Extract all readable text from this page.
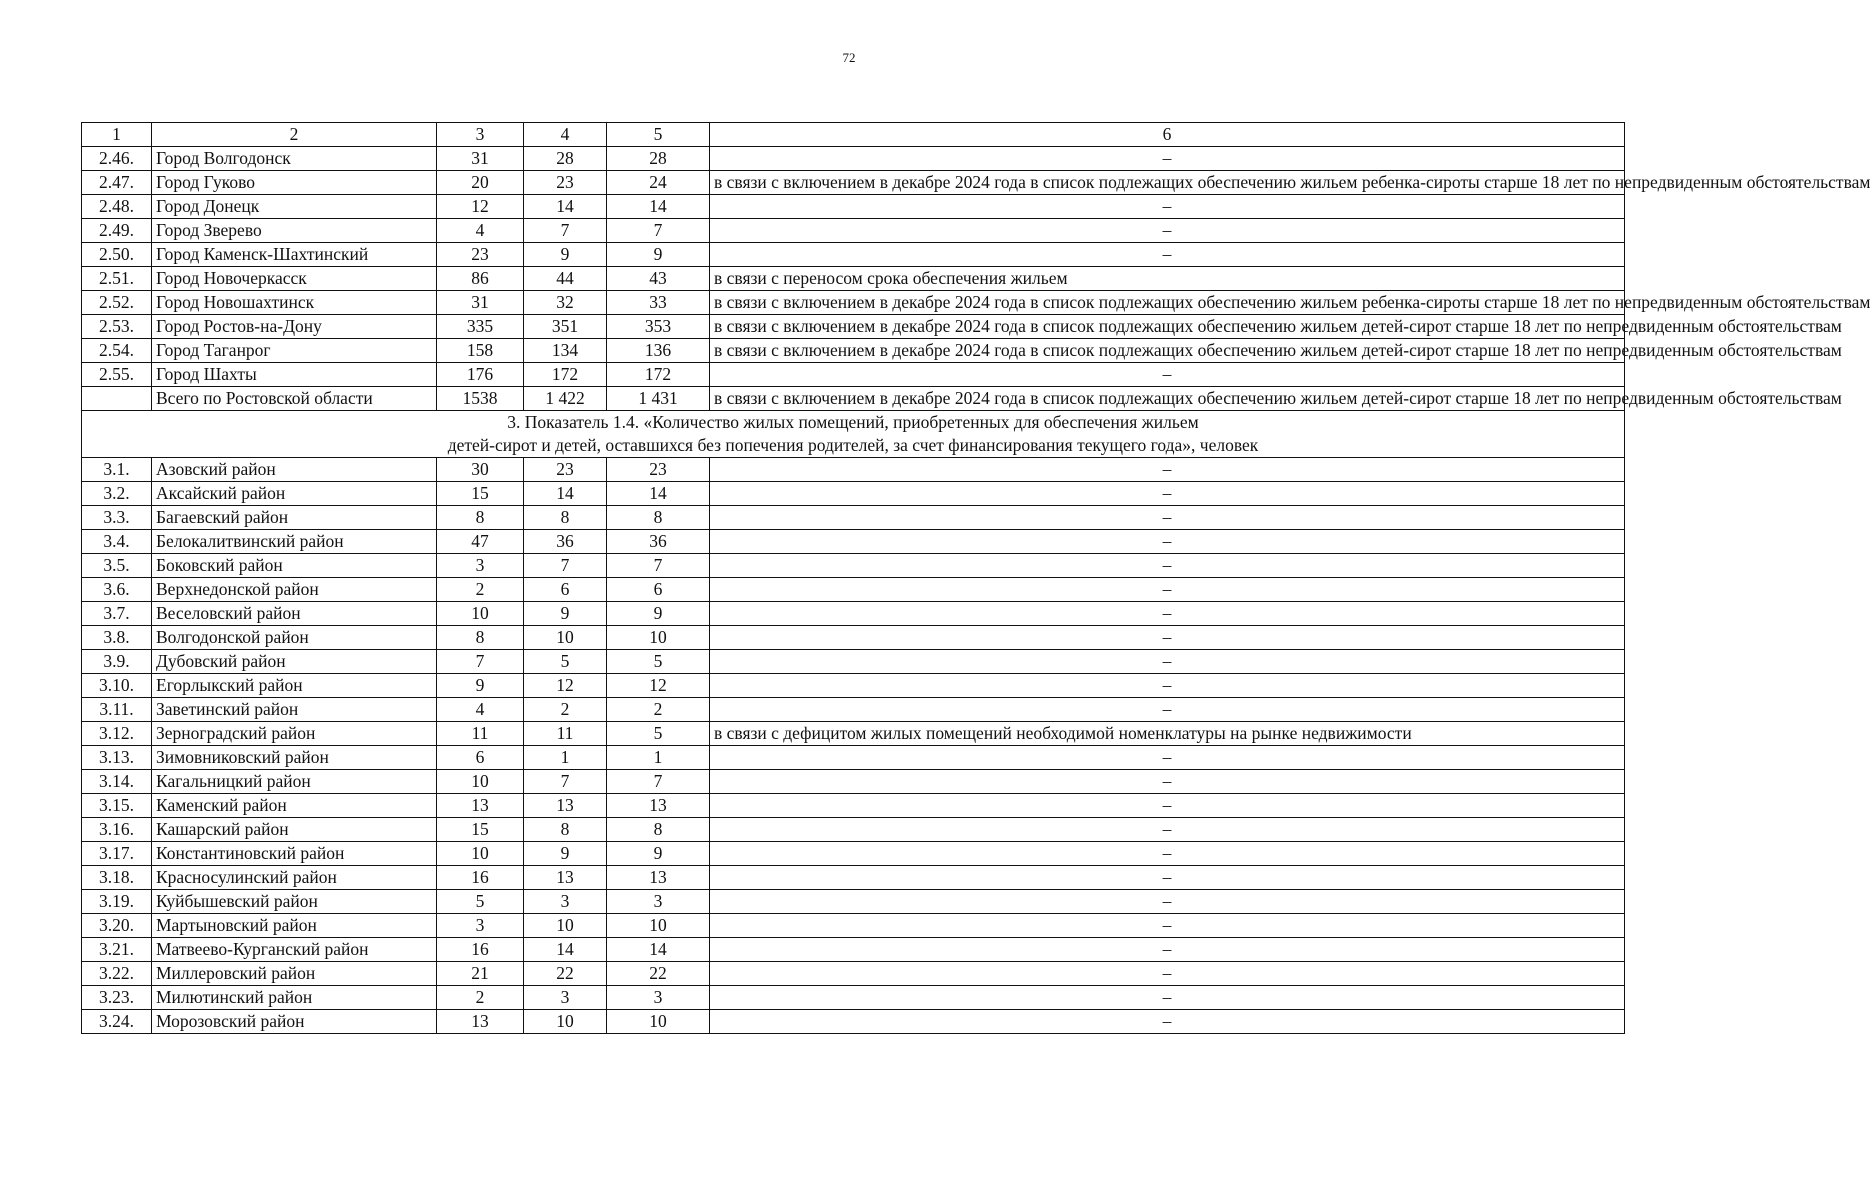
72
1	2	3	4	5	6
2.46.	Город Волгодонск	31	28	28	–
2.47.	Город Гуково	20	23	24	в связи с включением в декабре 2024 года в список подлежащих обеспечению жильем ребенка-сироты старше 18 лет по непредвиденным обстоятельствам
2.48.	Город Донецк	12	14	14	–
2.49.	Город Зверево	4	7	7	–
2.50.	Город Каменск-Шахтинский	23	9	9	–
2.51.	Город Новочеркасск	86	44	43	в связи с переносом срока обеспечения жильем
2.52.	Город Новошахтинск	31	32	33	в связи с включением в декабре 2024 года в список подлежащих обеспечению жильем ребенка-сироты старше 18 лет по непредвиденным обстоятельствам
2.53.	Город Ростов-на-Дону	335	351	353	в связи с включением в декабре 2024 года в список подлежащих обеспечению жильем детей-сирот старше 18 лет по непредвиденным обстоятельствам
2.54.	Город Таганрог	158	134	136	в связи с включением в декабре 2024 года в список подлежащих обеспечению жильем детей-сирот старше 18 лет по непредвиденным обстоятельствам
2.55.	Город Шахты	176	172	172	–
	Всего по Ростовской области	1538	1 422	1 431	в связи с включением в декабре 2024 года в список подлежащих обеспечению жильем детей-сирот старше 18 лет по непредвиденным обстоятельствам

3. Показатель 1.4. «Количество жилых помещений, приобретенных для обеспечения жильем
детей-сирот и детей, оставшихся без попечения родителей, за счет финансирования текущего года», человек					

3.1.	Азовский район	30	23	23	–
3.2.	Аксайский район	15	14	14	–
3.3.	Багаевский район	8	8	8	–
3.4.	Белокалитвинский район	47	36	36	–
3.5.	Боковский район	3	7	7	–
3.6.	Верхнедонской район	2	6	6	–
3.7.	Веселовский район	10	9	9	–
3.8.	Волгодонской район	8	10	10	–
3.9.	Дубовский район	7	5	5	–
3.10.	Егорлыкский район	9	12	12	–
3.11.	Заветинский район	4	2	2	–
3.12.	Зерноградский район	11	11	5	в связи с дефицитом жилых помещений необходимой номенклатуры на рынке недвижимости
3.13.	Зимовниковский район	6	1	1	–
3.14.	Кагальницкий район	10	7	7	–
3.15.	Каменский район	13	13	13	–
3.16.	Кашарский район	15	8	8	–
3.17.	Константиновский район	10	9	9	–
3.18.	Красносулинский район	16	13	13	–
3.19.	Куйбышевский район	5	3	3	–
3.20.	Мартыновский район	3	10	10	–
3.21.	Матвеево-Курганский район	16	14	14	–
3.22.	Миллеровский район	21	22	22	–
3.23.	Милютинский район	2	3	3	–
3.24.	Морозовский район	13	10	10	–
